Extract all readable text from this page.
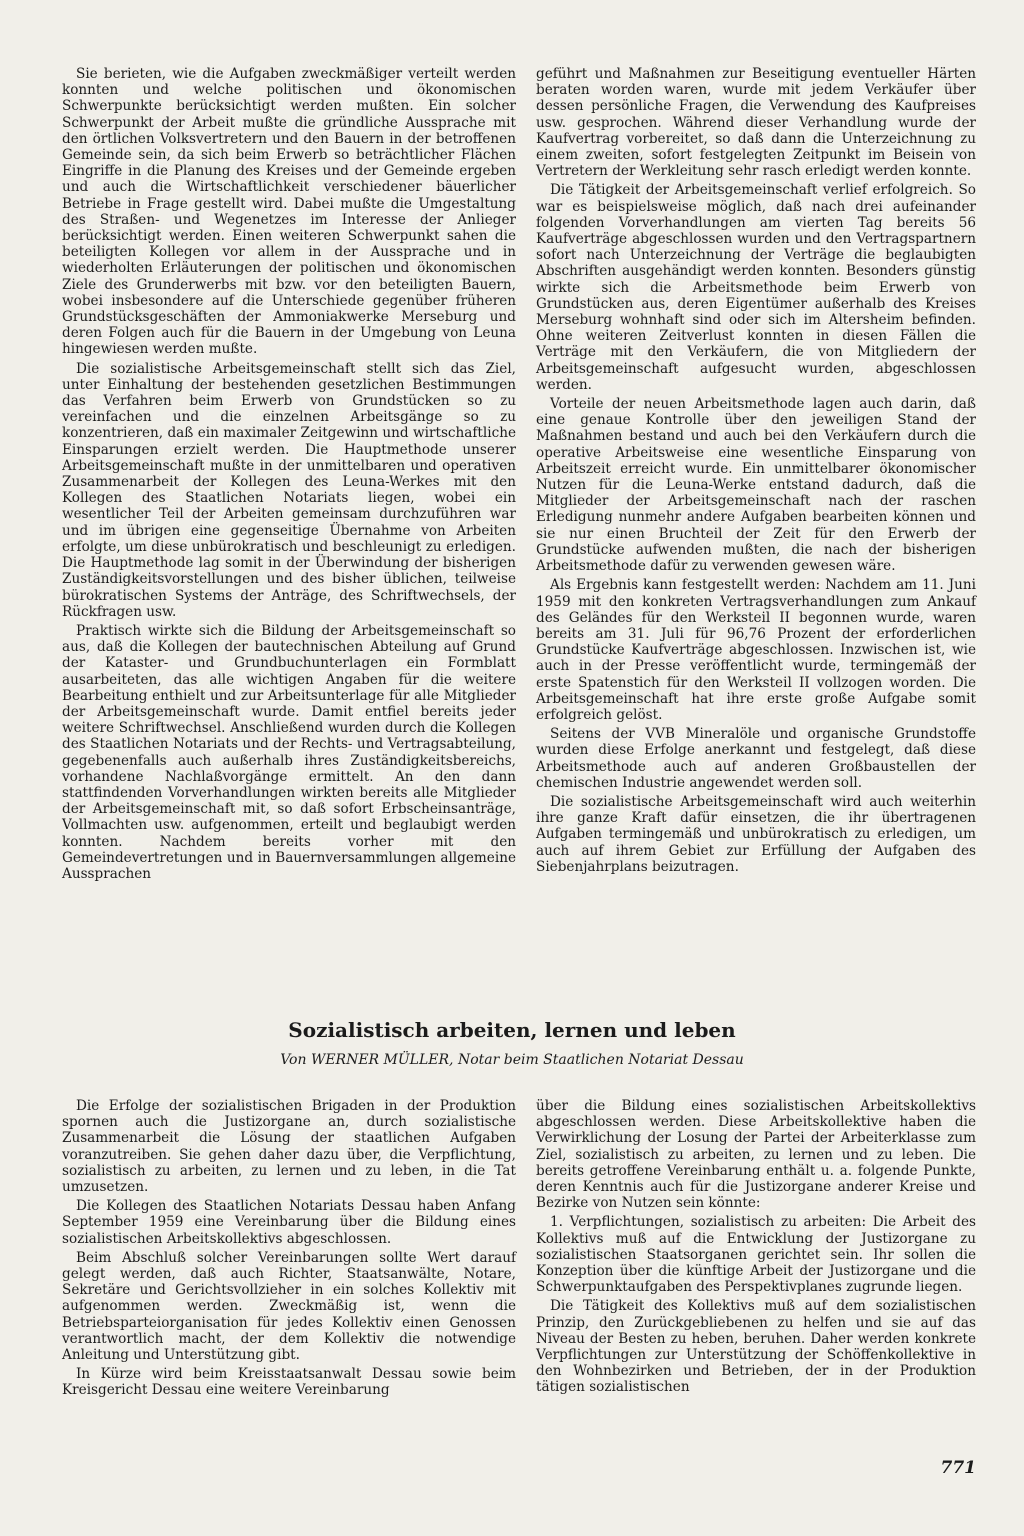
Sie berieten, wie die Aufgaben zweckmäßiger verteilt werden konnten und welche politischen und ökonomischen Schwerpunkte berücksichtigt werden mußten. Ein solcher Schwerpunkt der Arbeit mußte die gründliche Aussprache mit den örtlichen Volksvertretern und den Bauern in der betroffenen Gemeinde sein, da sich beim Erwerb so beträchtlicher Flächen Eingriffe in die Planung des Kreises und der Gemeinde ergeben und auch die Wirtschaftlichkeit verschiedener bäuerlicher Betriebe in Frage gestellt wird. Dabei mußte die Umgestaltung des Straßen- und Wegenetzes im Interesse der Anlieger berücksichtigt werden. Einen weiteren Schwerpunkt sahen die beteiligten Kollegen vor allem in der Aussprache und in wiederholten Erläuterungen der politischen und ökonomischen Ziele des Grunderwerbs mit bzw. vor den beteiligten Bauern, wobei insbesondere auf die Unterschiede gegenüber früheren Grundstücksgeschäften der Ammoniakwerke Merseburg und deren Folgen auch für die Bauern in der Umgebung von Leuna hingewiesen werden mußte.

Die sozialistische Arbeitsgemeinschaft stellt sich das Ziel, unter Einhaltung der bestehenden gesetzlichen Bestimmungen das Verfahren beim Erwerb von Grundstücken so zu vereinfachen und die einzelnen Arbeitsgänge so zu konzentrieren, daß ein maximaler Zeitgewinn und wirtschaftliche Einsparungen erzielt werden. Die Hauptmethode unserer Arbeitsgemeinschaft mußte in der unmittelbaren und operativen Zusammenarbeit der Kollegen des Leuna-Werkes mit den Kollegen des Staatlichen Notariats liegen, wobei ein wesentlicher Teil der Arbeiten gemeinsam durchzuführen war und im übrigen eine gegenseitige Übernahme von Arbeiten erfolgte, um diese unbürokratisch und beschleunigt zu erledigen. Die Hauptmethode lag somit in der Überwindung der bisherigen Zuständigkeitsvorstellungen und des bisher üblichen, teilweise bürokratischen Systems der Anträge, des Schriftwechsels, der Rückfragen usw.

Praktisch wirkte sich die Bildung der Arbeitsgemeinschaft so aus, daß die Kollegen der bautechnischen Abteilung auf Grund der Kataster- und Grundbuchunterlagen ein Formblatt ausarbeiteten, das alle wichtigen Angaben für die weitere Bearbeitung enthielt und zur Arbeitsunterlage für alle Mitglieder der Arbeitsgemeinschaft wurde. Damit entfiel bereits jeder weitere Schriftwechsel. Anschließend wurden durch die Kollegen des Staatlichen Notariats und der Rechts- und Vertragsabteilung, gegebenenfalls auch außerhalb ihres Zuständigkeitsbereichs, vorhandene Nachlaßvorgänge ermittelt. An den dann stattfindenden Vorverhandlungen wirkten bereits alle Mitglieder der Arbeitsgemeinschaft mit, so daß sofort Erbscheinsanträge, Vollmachten usw. aufgenommen, erteilt und beglaubigt werden konnten. Nachdem bereits vorher mit den Gemeindevertretungen und in Bauernversammlungen allgemeine Aussprachen

geführt und Maßnahmen zur Beseitigung eventueller Härten beraten worden waren, wurde mit jedem Verkäufer über dessen persönliche Fragen, die Verwendung des Kaufpreises usw. gesprochen. Während dieser Verhandlung wurde der Kaufvertrag vorbereitet, so daß dann die Unterzeichnung zu einem zweiten, sofort festgelegten Zeitpunkt im Beisein von Vertretern der Werkleitung sehr rasch erledigt werden konnte.

Die Tätigkeit der Arbeitsgemeinschaft verlief erfolgreich. So war es beispielsweise möglich, daß nach drei aufeinander folgenden Vorverhandlungen am vierten Tag bereits 56 Kaufverträge abgeschlossen wurden und den Vertragspartnern sofort nach Unterzeichnung der Verträge die beglaubigten Abschriften ausgehändigt werden konnten. Besonders günstig wirkte sich die Arbeitsmethode beim Erwerb von Grundstücken aus, deren Eigentümer außerhalb des Kreises Merseburg wohnhaft sind oder sich im Altersheim befinden. Ohne weiteren Zeitverlust konnten in diesen Fällen die Verträge mit den Verkäufern, die von Mitgliedern der Arbeitsgemeinschaft aufgesucht wurden, abgeschlossen werden.

Vorteile der neuen Arbeitsmethode lagen auch darin, daß eine genaue Kontrolle über den jeweiligen Stand der Maßnahmen bestand und auch bei den Verkäufern durch die operative Arbeitsweise eine wesentliche Einsparung von Arbeitszeit erreicht wurde. Ein unmittelbarer ökonomischer Nutzen für die Leuna-Werke entstand dadurch, daß die Mitglieder der Arbeitsgemeinschaft nach der raschen Erledigung nunmehr andere Aufgaben bearbeiten können und sie nur einen Bruchteil der Zeit für den Erwerb der Grundstücke aufwenden mußten, die nach der bisherigen Arbeitsmethode dafür zu verwenden gewesen wäre.

Als Ergebnis kann festgestellt werden: Nachdem am 11. Juni 1959 mit den konkreten Vertragsverhandlungen zum Ankauf des Geländes für den Werksteil II begonnen wurde, waren bereits am 31. Juli für 96,76 Prozent der erforderlichen Grundstücke Kaufverträge abgeschlossen. Inzwischen ist, wie auch in der Presse veröffentlicht wurde, termingemäß der erste Spatenstich für den Werksteil II vollzogen worden. Die Arbeitsgemeinschaft hat ihre erste große Aufgabe somit erfolgreich gelöst.

Seitens der VVB Mineralöle und organische Grundstoffe wurden diese Erfolge anerkannt und festgelegt, daß diese Arbeitsmethode auch auf anderen Großbaustellen der chemischen Industrie angewendet werden soll.

Die sozialistische Arbeitsgemeinschaft wird auch weiterhin ihre ganze Kraft dafür einsetzen, die ihr übertragenen Aufgaben termingemäß und unbürokratisch zu erledigen, um auch auf ihrem Gebiet zur Erfüllung der Aufgaben des Siebenjahrplans beizutragen.

Sozialistisch arbeiten, lernen und leben

Von WERNER MÜLLER, Notar beim Staatlichen Notariat Dessau

Die Erfolge der sozialistischen Brigaden in der Produktion spornen auch die Justizorgane an, durch sozialistische Zusammenarbeit die Lösung der staatlichen Aufgaben voranzutreiben. Sie gehen daher dazu über, die Verpflichtung, sozialistisch zu arbeiten, zu lernen und zu leben, in die Tat umzusetzen.

Die Kollegen des Staatlichen Notariats Dessau haben Anfang September 1959 eine Vereinbarung über die Bildung eines sozialistischen Arbeitskollektivs abgeschlossen.

Beim Abschluß solcher Vereinbarungen sollte Wert darauf gelegt werden, daß auch Richter, Staatsanwälte, Notare, Sekretäre und Gerichtsvollzieher in ein solches Kollektiv mit aufgenommen werden. Zweckmäßig ist, wenn die Betriebsparteiorganisation für jedes Kollektiv einen Genossen verantwortlich macht, der dem Kollektiv die notwendige Anleitung und Unterstützung gibt.

In Kürze wird beim Kreisstaatsanwalt Dessau sowie beim Kreisgericht Dessau eine weitere Vereinbarung

über die Bildung eines sozialistischen Arbeitskollektivs abgeschlossen werden. Diese Arbeitskollektive haben die Verwirklichung der Losung der Partei der Arbeiterklasse zum Ziel, sozialistisch zu arbeiten, zu lernen und zu leben. Die bereits getroffene Vereinbarung enthält u. a. folgende Punkte, deren Kenntnis auch für die Justizorgane anderer Kreise und Bezirke von Nutzen sein könnte:

1. Verpflichtungen, sozialistisch zu arbeiten: Die Arbeit des Kollektivs muß auf die Entwicklung der Justizorgane zu sozialistischen Staatsorganen gerichtet sein. Ihr sollen die Konzeption über die künftige Arbeit der Justizorgane und die Schwerpunktaufgaben des Perspektivplanes zugrunde liegen.

Die Tätigkeit des Kollektivs muß auf dem sozialistischen Prinzip, den Zurückgebliebenen zu helfen und sie auf das Niveau der Besten zu heben, beruhen. Daher werden konkrete Verpflichtungen zur Unterstützung der Schöffenkollektive in den Wohnbezirken und Betrieben, der in der Produktion tätigen sozialistischen

771
